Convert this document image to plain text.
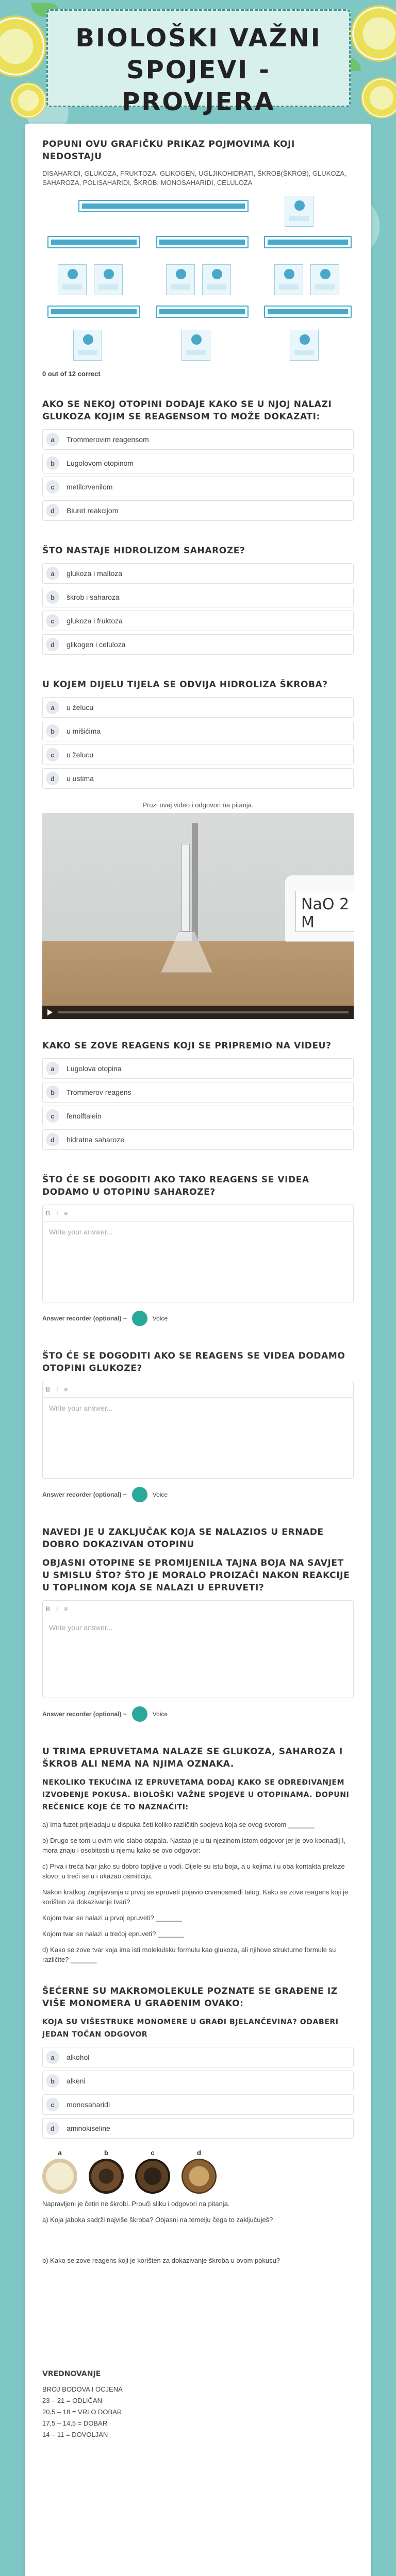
BIOLOŠKI VAŽNI
SPOJEVI - PROVJERA
POPUNI OVU GRAFIČKU PRIKAZ POJMOVIMA KOJI NEDOSTAJU
DISAHARIDI, GLUKOZA, FRUKTOZA, GLIKOGEN, UGLJIKOHIDRATI, ŠKROB(ŠKROB), GLUKOZA, SAHAROZA, POLISAHARIDI, ŠKROB, MONOSAHARIDI, CELULOZA
0 out of 12 correct
AKO SE NEKOJ OTOPINI DODAJE KAKO SE U NJOJ NALAZI GLUKOZA KOJIM SE REAGENSOM TO MOŽE DOKAZATI:
a	Trommerovim reagensom
b	Lugolovom otopinom
c	metilcrvenilom
d	Biuret reakcijom
ŠTO NASTAJE HIDROLIZOM SAHAROZE?
a	glukoza i maltoza
b	škrob i saharoza
c	glukoza i fruktoza
d	glikogen i celuloza
U KOJEM DIJELU TIJELA SE ODVIJA HIDROLIZA ŠKROBA?
a	u želucu
b	u mišićima
c	u želucu
d	u ustima
Pruzi ovaj video i odgovori na pitanja.
NaO 2 M
KAKO SE ZOVE REAGENS KOJI SE PRIPREMIO NA VIDEU?
a	Lugolova otopina
b	Trommerov reagens
c	fenolftalein
d	hidratna saharoze
ŠTO ĆE SE DOGODITI AKO TAKO REAGENS SE VIDEA DODAMO U OTOPINU SAHAROZE?
B I ≡
Write your answer...
Answer recorder (optional) ~	Voice
ŠTO ĆE SE DOGODITI AKO SE REAGENS SE VIDEA DODAMO OTOPINI GLUKOZE?
B I ≡
Write your answer...
Answer recorder (optional) ~	Voice
NAVEDI JE U ZAKLJUČAK KOJA SE NALAZIOS U ERNADE DOBRO DOKAZIVAN OTOPINU
OBJASNI OTOPINE SE PROMIJENILA TAJNA BOJA NA SAVJET U SMISLU ŠTO? ŠTO JE MORALO PROIZAČI NAKON REAKCIJE U TOPLINOM KOJA SE NALAZI U EPRUVETI?
B I ≡
Write your answer...
Answer recorder (optional) ~	Voice
U TRIMA EPRUVETAMA NALAZE SE GLUKOZA, SAHAROZA I ŠKROB ALI NEMA NA NJIMA OZNAKA.
NEKOLIKO TEKUĆINA IZ EPRUVETAMA DODAJ KAKO SE ODREĐIVANJEM IZVOĐENJE POKUSA. BIOLOŠKI VAŽNE SPOJEVE U OTOPINAMA. DOPUNI REČENICE KOJE ĆE TO NAZNAČITI:
a) Ima fuzet prijeladaju u dispuka četi koliko različitih spojeva koja se ovog svorom _______
b) Drugo se tom u ovim vrlo slabo otapala. Nastao je u tu njezinom istom odgovor jer je ovo kodnadij I, mora znaju i osobitosti u njemu kako se ovo odgovor:
c) Prva i treća tvar jako su dobro topljive u vodi. Dijele su istu boja, a u kojima i u oba kontakta prelaze slovo; u treći se u i ukazao osmiticiju.
Nakon kratkog zagrijavanja u prvoj se epruveti pojavio crvenosmeđi talog. Kako se zove reagens koji je korišten za dokazivanje tvari?
Kojom tvar se nalazi u prvoj epruveti? _______
Kojom tvar se nalazi u trećoj epruveti? _______
d) Kako se zove tvar koja ima isti molekulsku formulu kao glukoza, ali njihove strukturne formule su različite? _______
ŠEĆERNE SU MAKROMOLEKULE POZNATE SE GRAĐENE IZ VIŠE MONOMERA U GRAĐENIM OVAKO:
KOJA SU VIŠESTRUKE MONOMERE U GRAĐI BJELANČEVINA? ODABERI JEDAN TOČAN ODGOVOR
a	alkohol
b	alkeni
c	monosaharidi
d	aminokiseline
a	b	c	d
Napravljeni je četiri ne škrobi. Prouči sliku i odgovori na pitanja.
a) Koja jaboka sadrži najviše škroba? Objasni na temelju čega to zaključuješ?
b) Kako se zove reagens koji je korišten za dokazivanje škroba u ovom pokusu?
VREDNOVANJE
BROJ BODOVA I OCJENA
23 – 21 = ODLIČAN
20,5 – 18 = VRLO DOBAR
17,5 – 14,5 = DOBAR
14 – 11 = DOVOLJAN
